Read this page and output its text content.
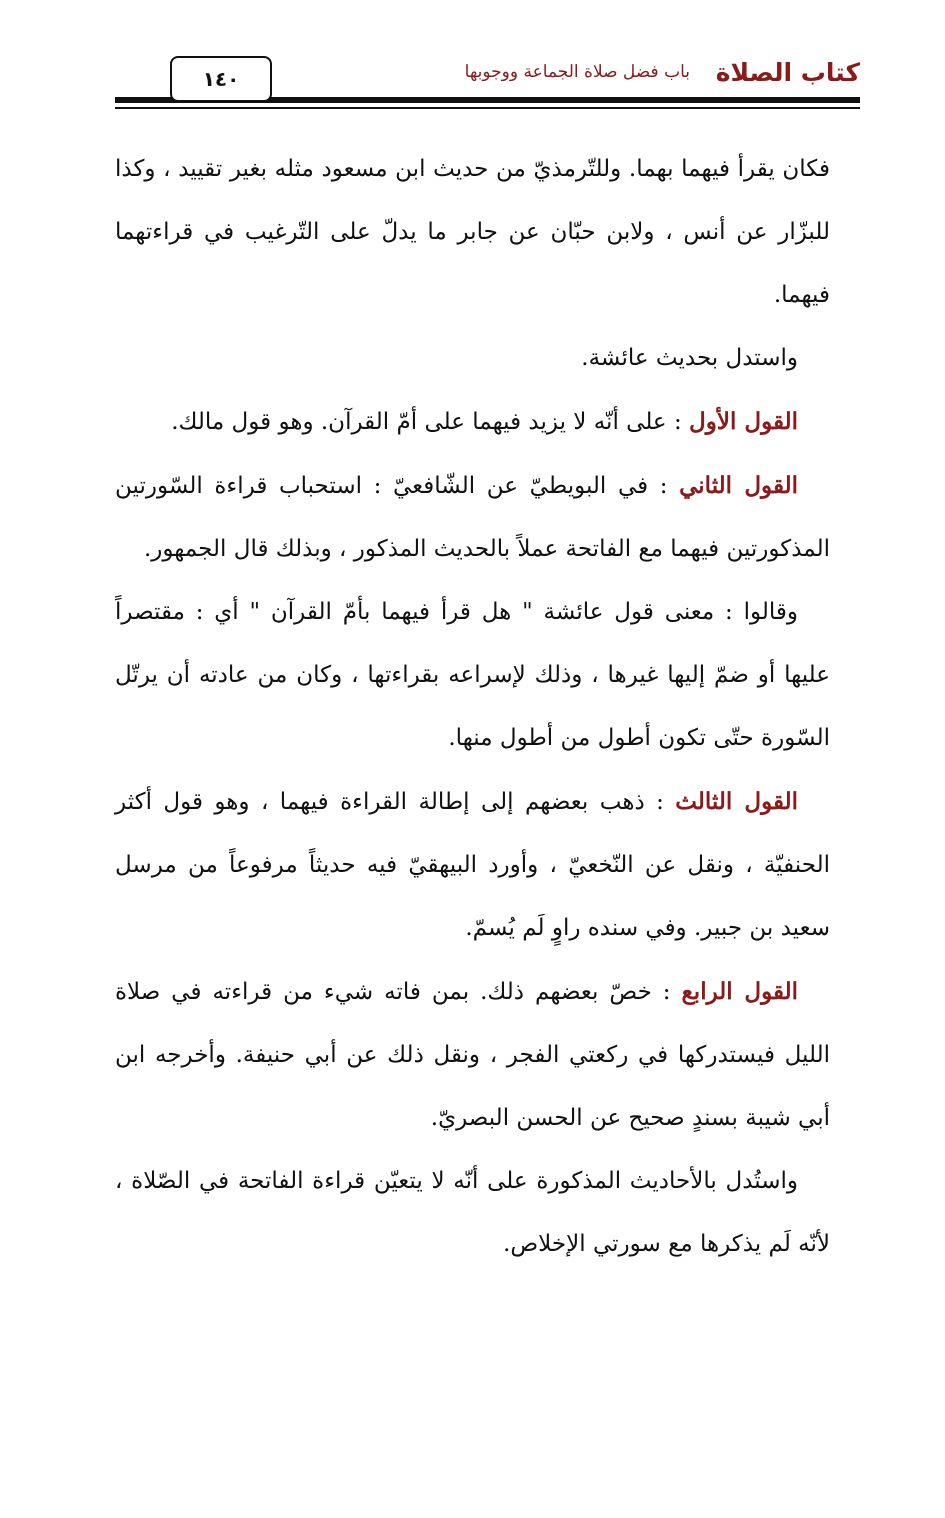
كتاب الصلاة
باب فضل صلاة الجماعة ووجوبها
١٤٠

فكان يقرأ فيهما بهما. وللتّرمذيّ من حديث ابن مسعود مثله بغير تقييد ، وكذا للبزّار عن أنس ، ولابن حبّان عن جابر ما يدلّ على التّرغيب في قراءتهما فيهما.

واستدل بحديث عائشة.

القول الأول : على أنّه لا يزيد فيهما على أمّ القرآن. وهو قول مالك.

القول الثاني : في البويطيّ عن الشّافعيّ : استحباب قراءة السّورتين المذكورتين فيهما مع الفاتحة عملاً بالحديث المذكور ، وبذلك قال الجمهور.

وقالوا : معنى قول عائشة " هل قرأ فيهما بأمّ القرآن " أي : مقتصراً عليها أو ضمّ إليها غيرها ، وذلك لإسراعه بقراءتها ، وكان من عادته أن يرتّل السّورة حتّى تكون أطول من أطول منها.

القول الثالث : ذهب بعضهم إلى إطالة القراءة فيهما ، وهو قول أكثر الحنفيّة ، ونقل عن النّخعيّ ، وأورد البيهقيّ فيه حديثاً مرفوعاً من مرسل سعيد بن جبير. وفي سنده راوٍ لَم يُسمّ.

القول الرابع : خصّ بعضهم ذلك. بمن فاته شيء من قراءته في صلاة الليل فيستدركها في ركعتي الفجر ، ونقل ذلك عن أبي حنيفة. وأخرجه ابن أبي شيبة بسندٍ صحيح عن الحسن البصريّ.

واستُدل بالأحاديث المذكورة على أنّه لا يتعيّن قراءة الفاتحة في الصّلاة ، لأنّه لَم يذكرها مع سورتي الإخلاص.
